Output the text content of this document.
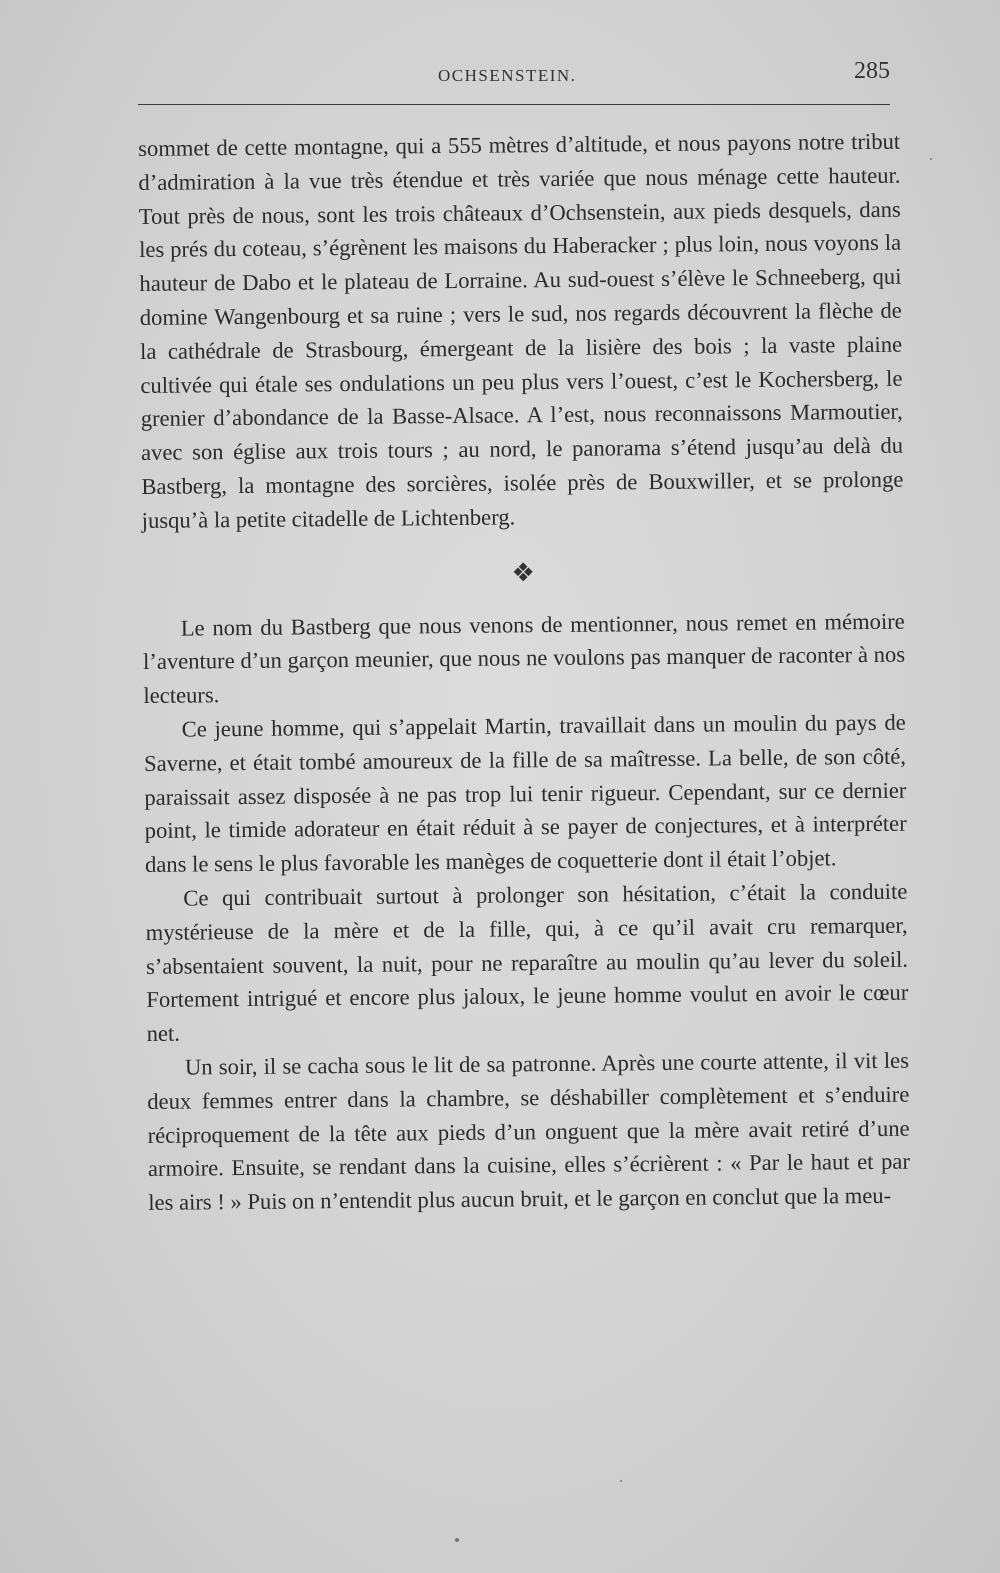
OCHSENSTEIN.	285

sommet de cette montagne, qui a 555 mètres d’altitude, et nous payons notre tribut d’admiration à la vue très étendue et très variée que nous ménage cette hauteur. Tout près de nous, sont les trois châteaux d’Ochsenstein, aux pieds desquels, dans les prés du coteau, s’égrènent les maisons du Haberacker ; plus loin, nous voyons la hauteur de Dabo et le plateau de Lorraine. Au sud-ouest s’élève le Schneeberg, qui domine Wangenbourg et sa ruine ; vers le sud, nos regards découvrent la flèche de la cathédrale de Strasbourg, émergeant de la lisière des bois ; la vaste plaine cultivée qui étale ses ondulations un peu plus vers l’ouest, c’est le Kochersberg, le grenier d’abondance de la Basse-Alsace. A l’est, nous reconnaissons Marmoutier, avec son église aux trois tours ; au nord, le panorama s’étend jusqu’au delà du Bastberg, la montagne des sorcières, isolée près de Bouxwiller, et se prolonge jusqu’à la petite citadelle de Lichtenberg.

❖

Le nom du Bastberg que nous venons de mentionner, nous remet en mémoire l’aventure d’un garçon meunier, que nous ne voulons pas manquer de raconter à nos lecteurs.

Ce jeune homme, qui s’appelait Martin, travaillait dans un moulin du pays de Saverne, et était tombé amoureux de la fille de sa maîtresse. La belle, de son côté, paraissait assez disposée à ne pas trop lui tenir rigueur. Cependant, sur ce dernier point, le timide adorateur en était réduit à se payer de conjectures, et à interpréter dans le sens le plus favorable les manèges de coquetterie dont il était l’objet.

Ce qui contribuait surtout à prolonger son hésitation, c’était la conduite mystérieuse de la mère et de la fille, qui, à ce qu’il avait cru remarquer, s’absentaient souvent, la nuit, pour ne reparaître au moulin qu’au lever du soleil. Fortement intrigué et encore plus jaloux, le jeune homme voulut en avoir le cœur net.

Un soir, il se cacha sous le lit de sa patronne. Après une courte attente, il vit les deux femmes entrer dans la chambre, se déshabiller complètement et s’enduire réciproquement de la tête aux pieds d’un onguent que la mère avait retiré d’une armoire. Ensuite, se rendant dans la cuisine, elles s’écrièrent : « Par le haut et par les airs ! » Puis on n’entendit plus aucun bruit, et le garçon en conclut que la meu-
